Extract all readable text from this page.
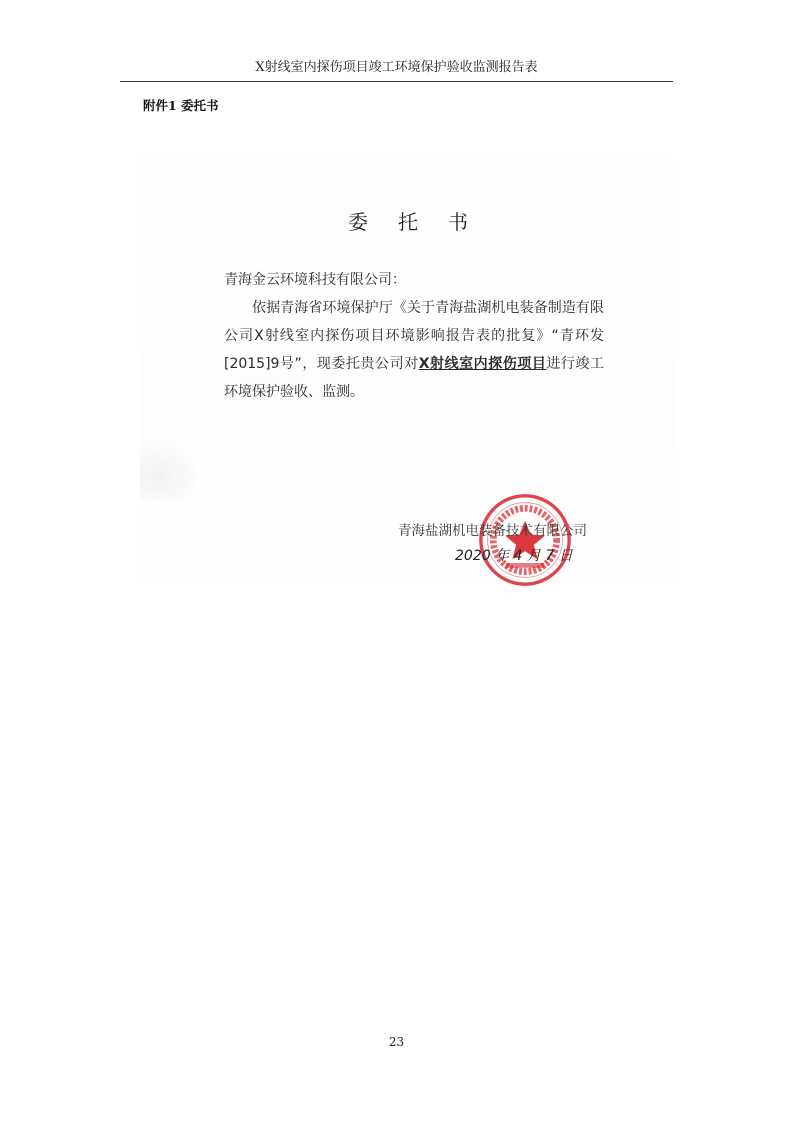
X射线室内探伤项目竣工环境保护验收监测报告表
附件1 委托书
委托书

青海金云环境科技有限公司：

依据青海省环境保护厅《关于青海盐湖机电装备制造有限公司X射线室内探伤项目环境影响报告表的批复》“青环发[2015]9号”，现委托贵公司对X射线室内探伤项目进行竣工环境保护验收、监测。

青海盐湖机电装备技术有限公司
2020 年 4 月 7 日
23
